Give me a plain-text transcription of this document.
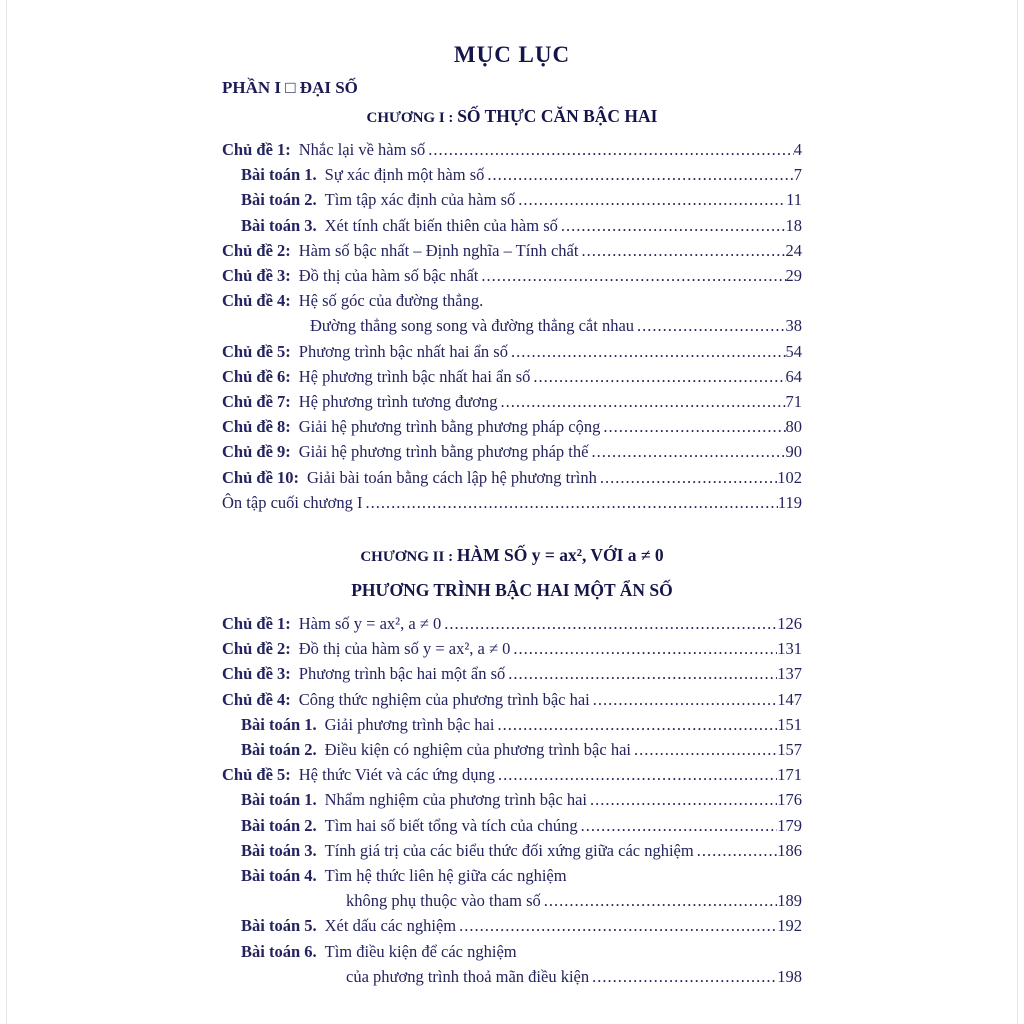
MỤC LỤC
PHẦN I □ ĐẠI SỐ
CHƯƠNG I : SỐ THỰC CĂN BẬC HAI
Chủ đề 1: Nhắc lại về hàm số .....	4
Bài toán 1. Sự xác định một hàm số .....	7
Bài toán 2. Tìm tập xác định của hàm số .....	11
Bài toán 3. Xét tính chất biến thiên của hàm số .....	18
Chủ đề 2: Hàm số bậc nhất – Định nghĩa – Tính chất .....	24
Chủ đề 3: Đồ thị của hàm số bậc nhất .....	29
Chủ đề 4: Hệ số góc của đường thẳng.
Đường thẳng song song và đường thẳng cắt nhau .....	38
Chủ đề 5: Phương trình bậc nhất hai ẩn số .....	54
Chủ đề 6: Hệ phương trình bậc nhất hai ẩn số .....	64
Chủ đề 7: Hệ phương trình tương đương .....	71
Chủ đề 8: Giải hệ phương trình bằng phương pháp cộng .....	80
Chủ đề 9: Giải hệ phương trình bằng phương pháp thế .....	90
Chủ đề 10: Giải bài toán bằng cách lập hệ phương trình .....	102
Ôn tập cuối chương I .....	119
CHƯƠNG II : HÀM SỐ y = ax², VỚI a ≠ 0
PHƯƠNG TRÌNH BẬC HAI MỘT ẨN SỐ
Chủ đề 1: Hàm số y = ax², a ≠ 0 .....	126
Chủ đề 2: Đồ thị của hàm số y = ax², a ≠ 0 .....	131
Chủ đề 3: Phương trình bậc hai một ẩn số .....	137
Chủ đề 4: Công thức nghiệm của phương trình bậc hai .....	147
Bài toán 1. Giải phương trình bậc hai .....	151
Bài toán 2. Điều kiện có nghiệm của phương trình bậc hai .....	157
Chủ đề 5: Hệ thức Viét và các ứng dụng .....	171
Bài toán 1. Nhẩm nghiệm của phương trình bậc hai .....	176
Bài toán 2. Tìm hai số biết tổng và tích của chúng .....	179
Bài toán 3. Tính giá trị của các biểu thức đối xứng giữa các nghiệm .....	186
Bài toán 4. Tìm hệ thức liên hệ giữa các nghiệm
không phụ thuộc vào tham số .....	189
Bài toán 5. Xét dấu các nghiệm .....	192
Bài toán 6. Tìm điều kiện để các nghiệm
của phương trình thoả mãn điều kiện .....	198
